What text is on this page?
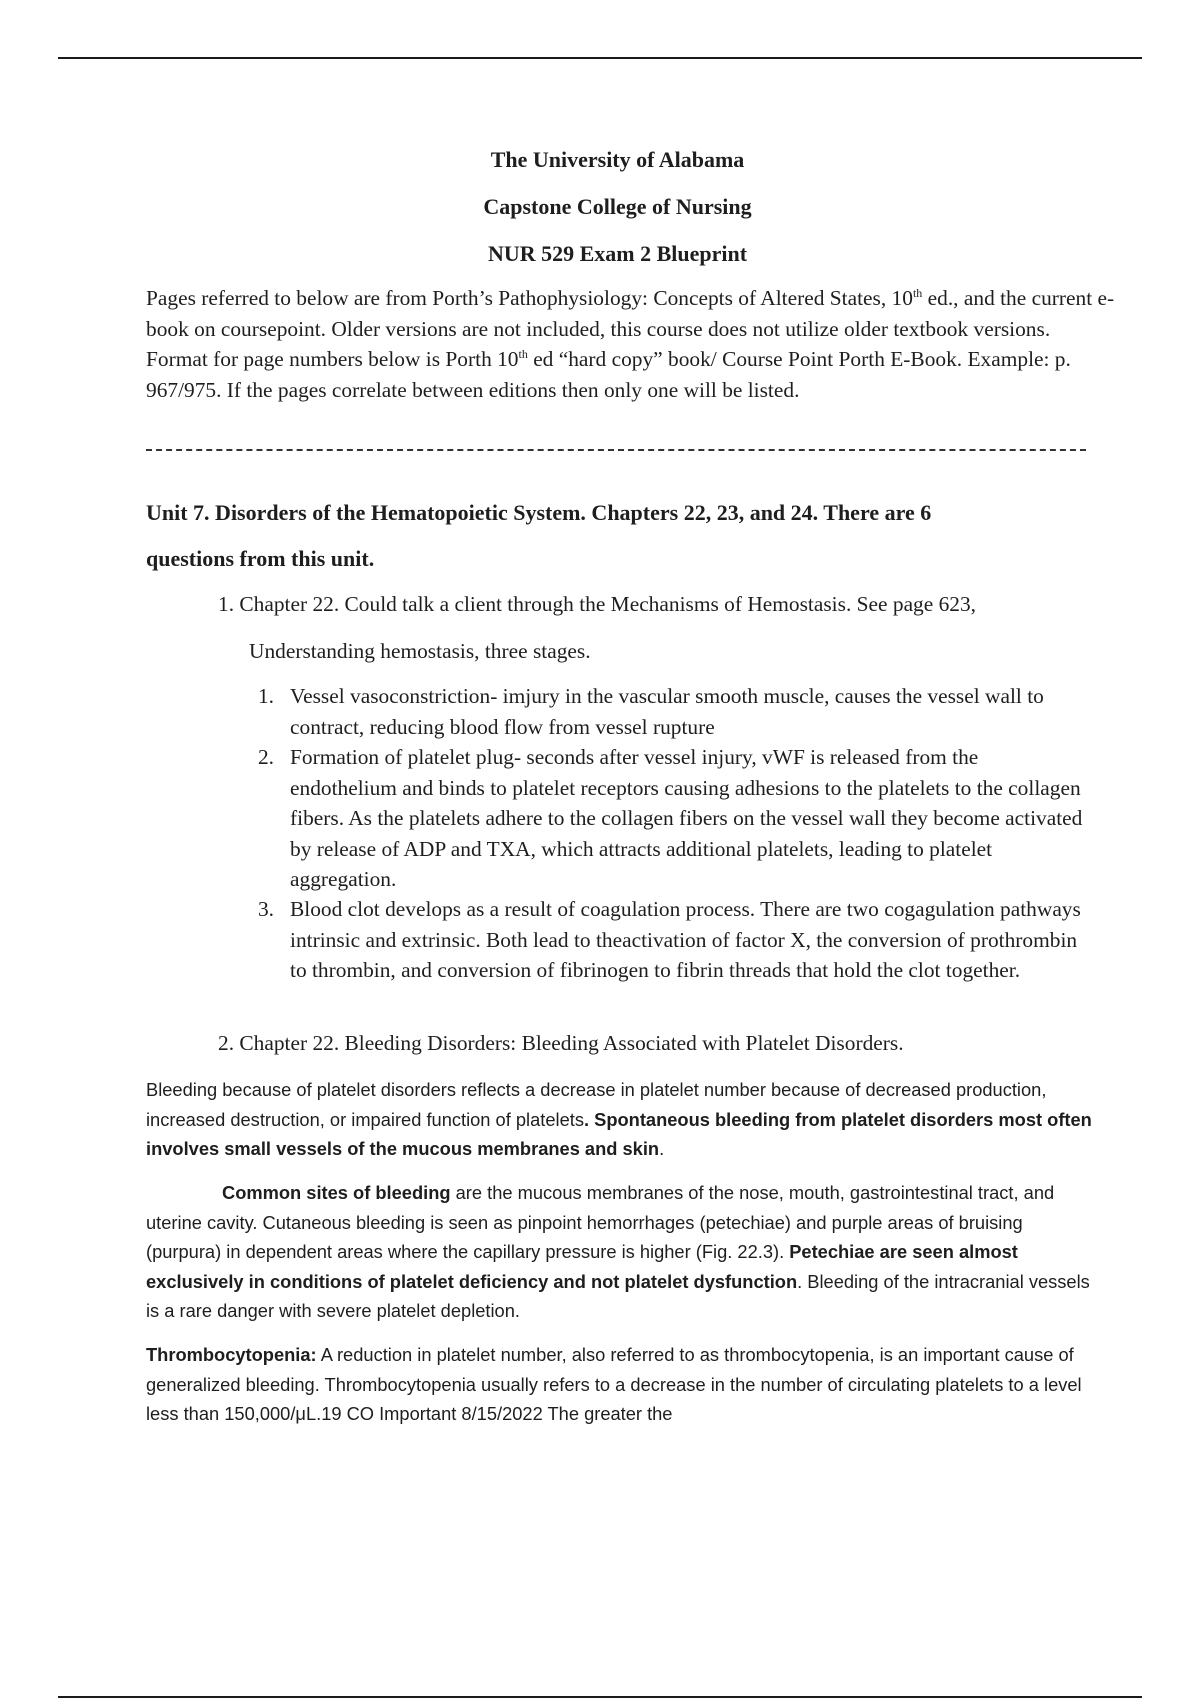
The University of Alabama
Capstone College of Nursing
NUR 529 Exam 2 Blueprint
Pages referred to below are from Porth’s Pathophysiology: Concepts of Altered States, 10th ed., and the current e-book on coursepoint. Older versions are not included, this course does not utilize older textbook versions. Format for page numbers below is Porth 10th ed “hard copy” book/ Course Point Porth E-Book. Example: p. 967/975. If the pages correlate between editions then only one will be listed.
Unit 7. Disorders of the Hematopoietic System. Chapters 22, 23, and 24. There are 6
questions from this unit.
1. Chapter 22. Could talk a client through the Mechanisms of Hemostasis. See page 623,
Understanding hemostasis, three stages.
1. Vessel vasoconstriction- imjury in the vascular smooth muscle, causes the vessel wall to contract, reducing blood flow from vessel rupture
2. Formation of platelet plug- seconds after vessel injury, vWF is released from the endothelium and binds to platelet receptors causing adhesions to the platelets to the collagen fibers. As the platelets adhere to the collagen fibers on the vessel wall they become activated by release of ADP and TXA, which attracts additional platelets, leading to platelet aggregation.
3. Blood clot develops as a result of coagulation process. There are two cogagulation pathways intrinsic and extrinsic. Both lead to theactivation of factor X, the conversion of prothrombin to thrombin, and conversion of fibrinogen to fibrin threads that hold the clot together.
2. Chapter 22. Bleeding Disorders: Bleeding Associated with Platelet Disorders.
Bleeding because of platelet disorders reflects a decrease in platelet number because of decreased production, increased destruction, or impaired function of platelets. Spontaneous bleeding from platelet disorders most often involves small vessels of the mucous membranes and skin.
Common sites of bleeding are the mucous membranes of the nose, mouth, gastrointestinal tract, and uterine cavity. Cutaneous bleeding is seen as pinpoint hemorrhages (petechiae) and purple areas of bruising (purpura) in dependent areas where the capillary pressure is higher (Fig. 22.3). Petechiae are seen almost exclusively in conditions of platelet deficiency and not platelet dysfunction. Bleeding of the intracranial vessels is a rare danger with severe platelet depletion.
Thrombocytopenia: A reduction in platelet number, also referred to as thrombocytopenia, is an important cause of generalized bleeding. Thrombocytopenia usually refers to a decrease in the number of circulating platelets to a level less than 150,000/μL.19 CO Important 8/15/2022 The greater the
